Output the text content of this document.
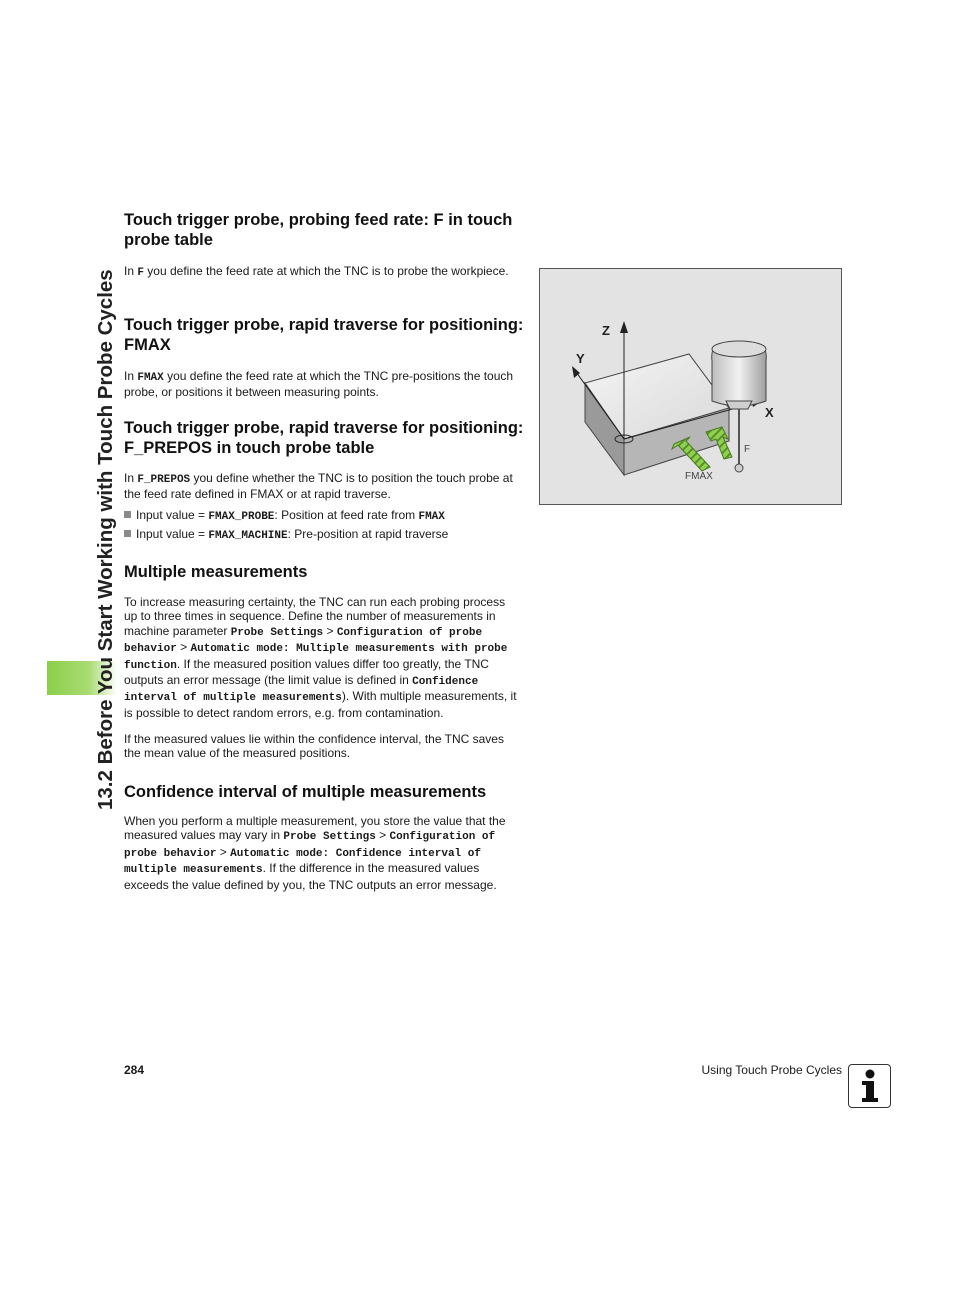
13.2 Before You Start Working with Touch Probe Cycles
Touch trigger probe, probing feed rate: F in touch probe table

In F you define the feed rate at which the TNC is to probe the workpiece.

Touch trigger probe, rapid traverse for positioning: FMAX

In FMAX you define the feed rate at which the TNC pre-positions the touch probe, or positions it between measuring points.

Touch trigger probe, rapid traverse for positioning: F_PREPOS in touch probe table

In F_PREPOS you define whether the TNC is to position the touch probe at the feed rate defined in FMAX or at rapid traverse.

Input value = FMAX_PROBE: Position at feed rate from FMAX
Input value = FMAX_MACHINE: Pre-position at rapid traverse
Multiple measurements

To increase measuring certainty, the TNC can run each probing process up to three times in sequence. Define the number of measurements in machine parameter Probe Settings > Configuration of probe behavior > Automatic mode: Multiple measurements with probe function. If the measured position values differ too greatly, the TNC outputs an error message (the limit value is defined in Confidence interval of multiple measurements). With multiple measurements, it is possible to detect random errors, e.g. from contamination.

If the measured values lie within the confidence interval, the TNC saves the mean value of the measured positions.

Confidence interval of multiple measurements

When you perform a multiple measurement, you store the value that the measured values may vary in Probe Settings > Configuration of probe behavior > Automatic mode: Confidence interval of multiple measurements. If the difference in the measured values exceeds the value defined by you, the TNC outputs an error message.

Z
Y
X
F
FMAX
284	Using Touch Probe Cycles
